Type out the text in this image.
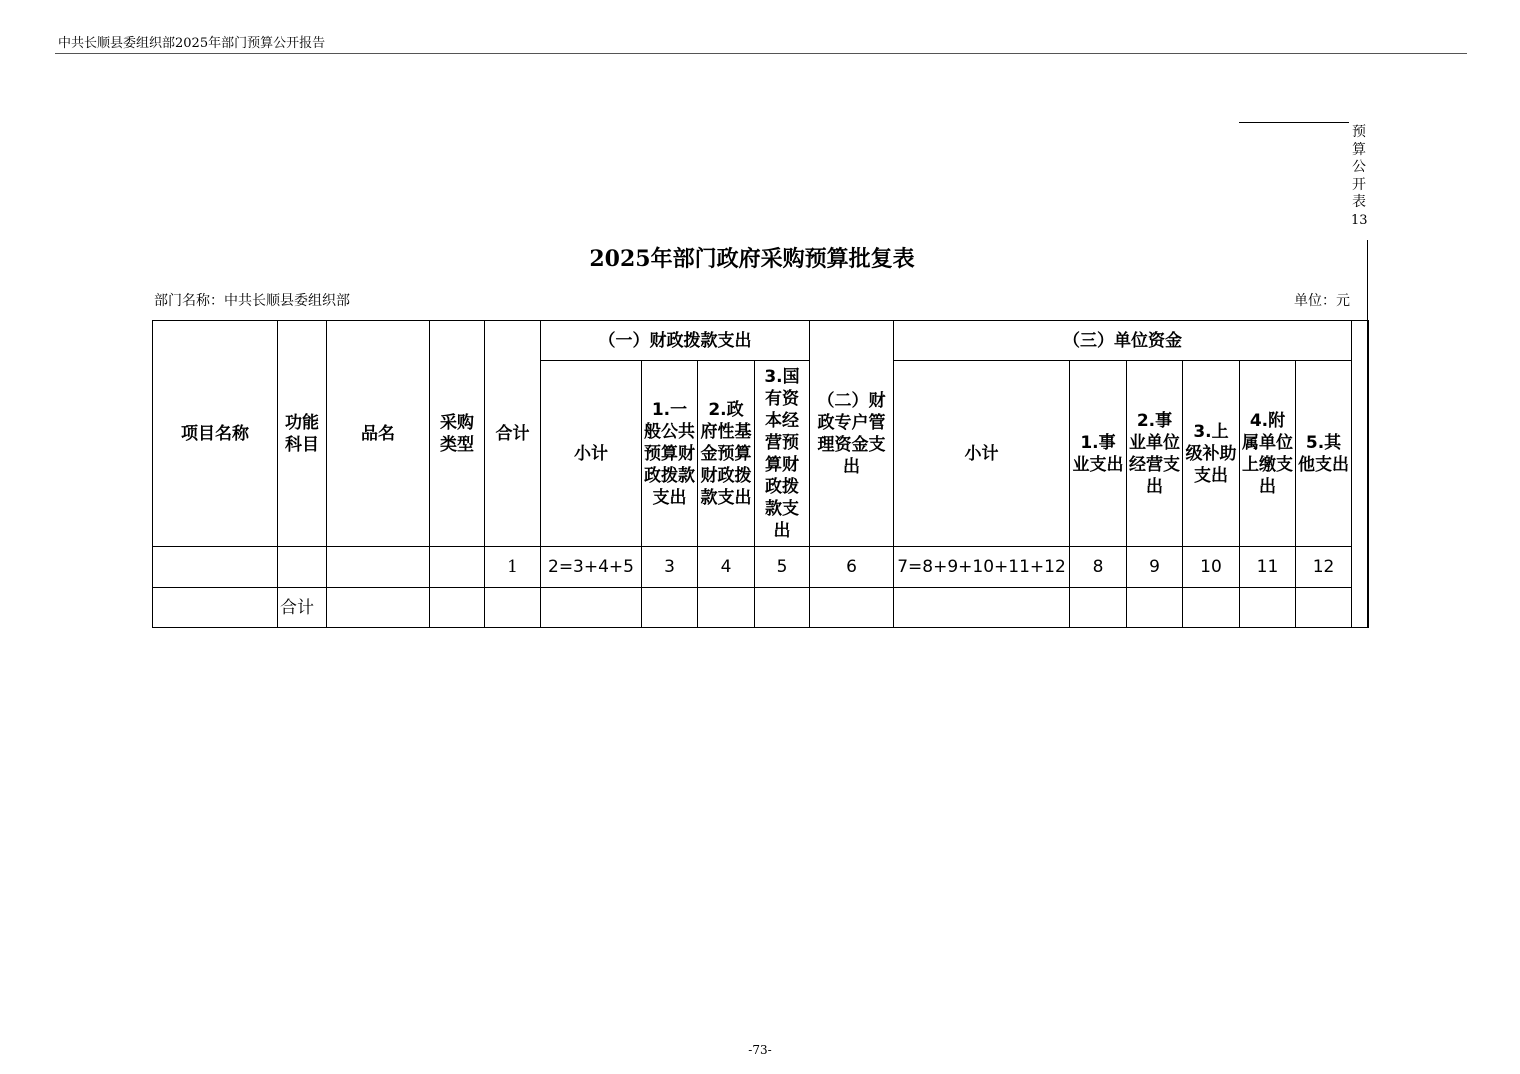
中共长顺县委组织部2025年部门预算公开报告
预
算
公
开
表
13
2025年部门政府采购预算批复表
部门名称：中共长顺县委组织部	单位：元
项目名称	功能科目	品名	采购类型	合计	（一）财政拨款支出				（二）财政专户管理资金支出	（三）单位资金						
					小计	1.一般公共预算财政拨款支出	2.政府性基金预算财政拨款支出	3.国有资本经营预算财政拨款支出		小计	1.事业支出	2.事业单位经营支出	3.上级补助支出	4.附属单位上缴支出	5.其他支出	
				1	2=3+4+5	3	4	5	6	7=8+9+10+11+12	8	9	10	11	12	
	合计															
-73-
